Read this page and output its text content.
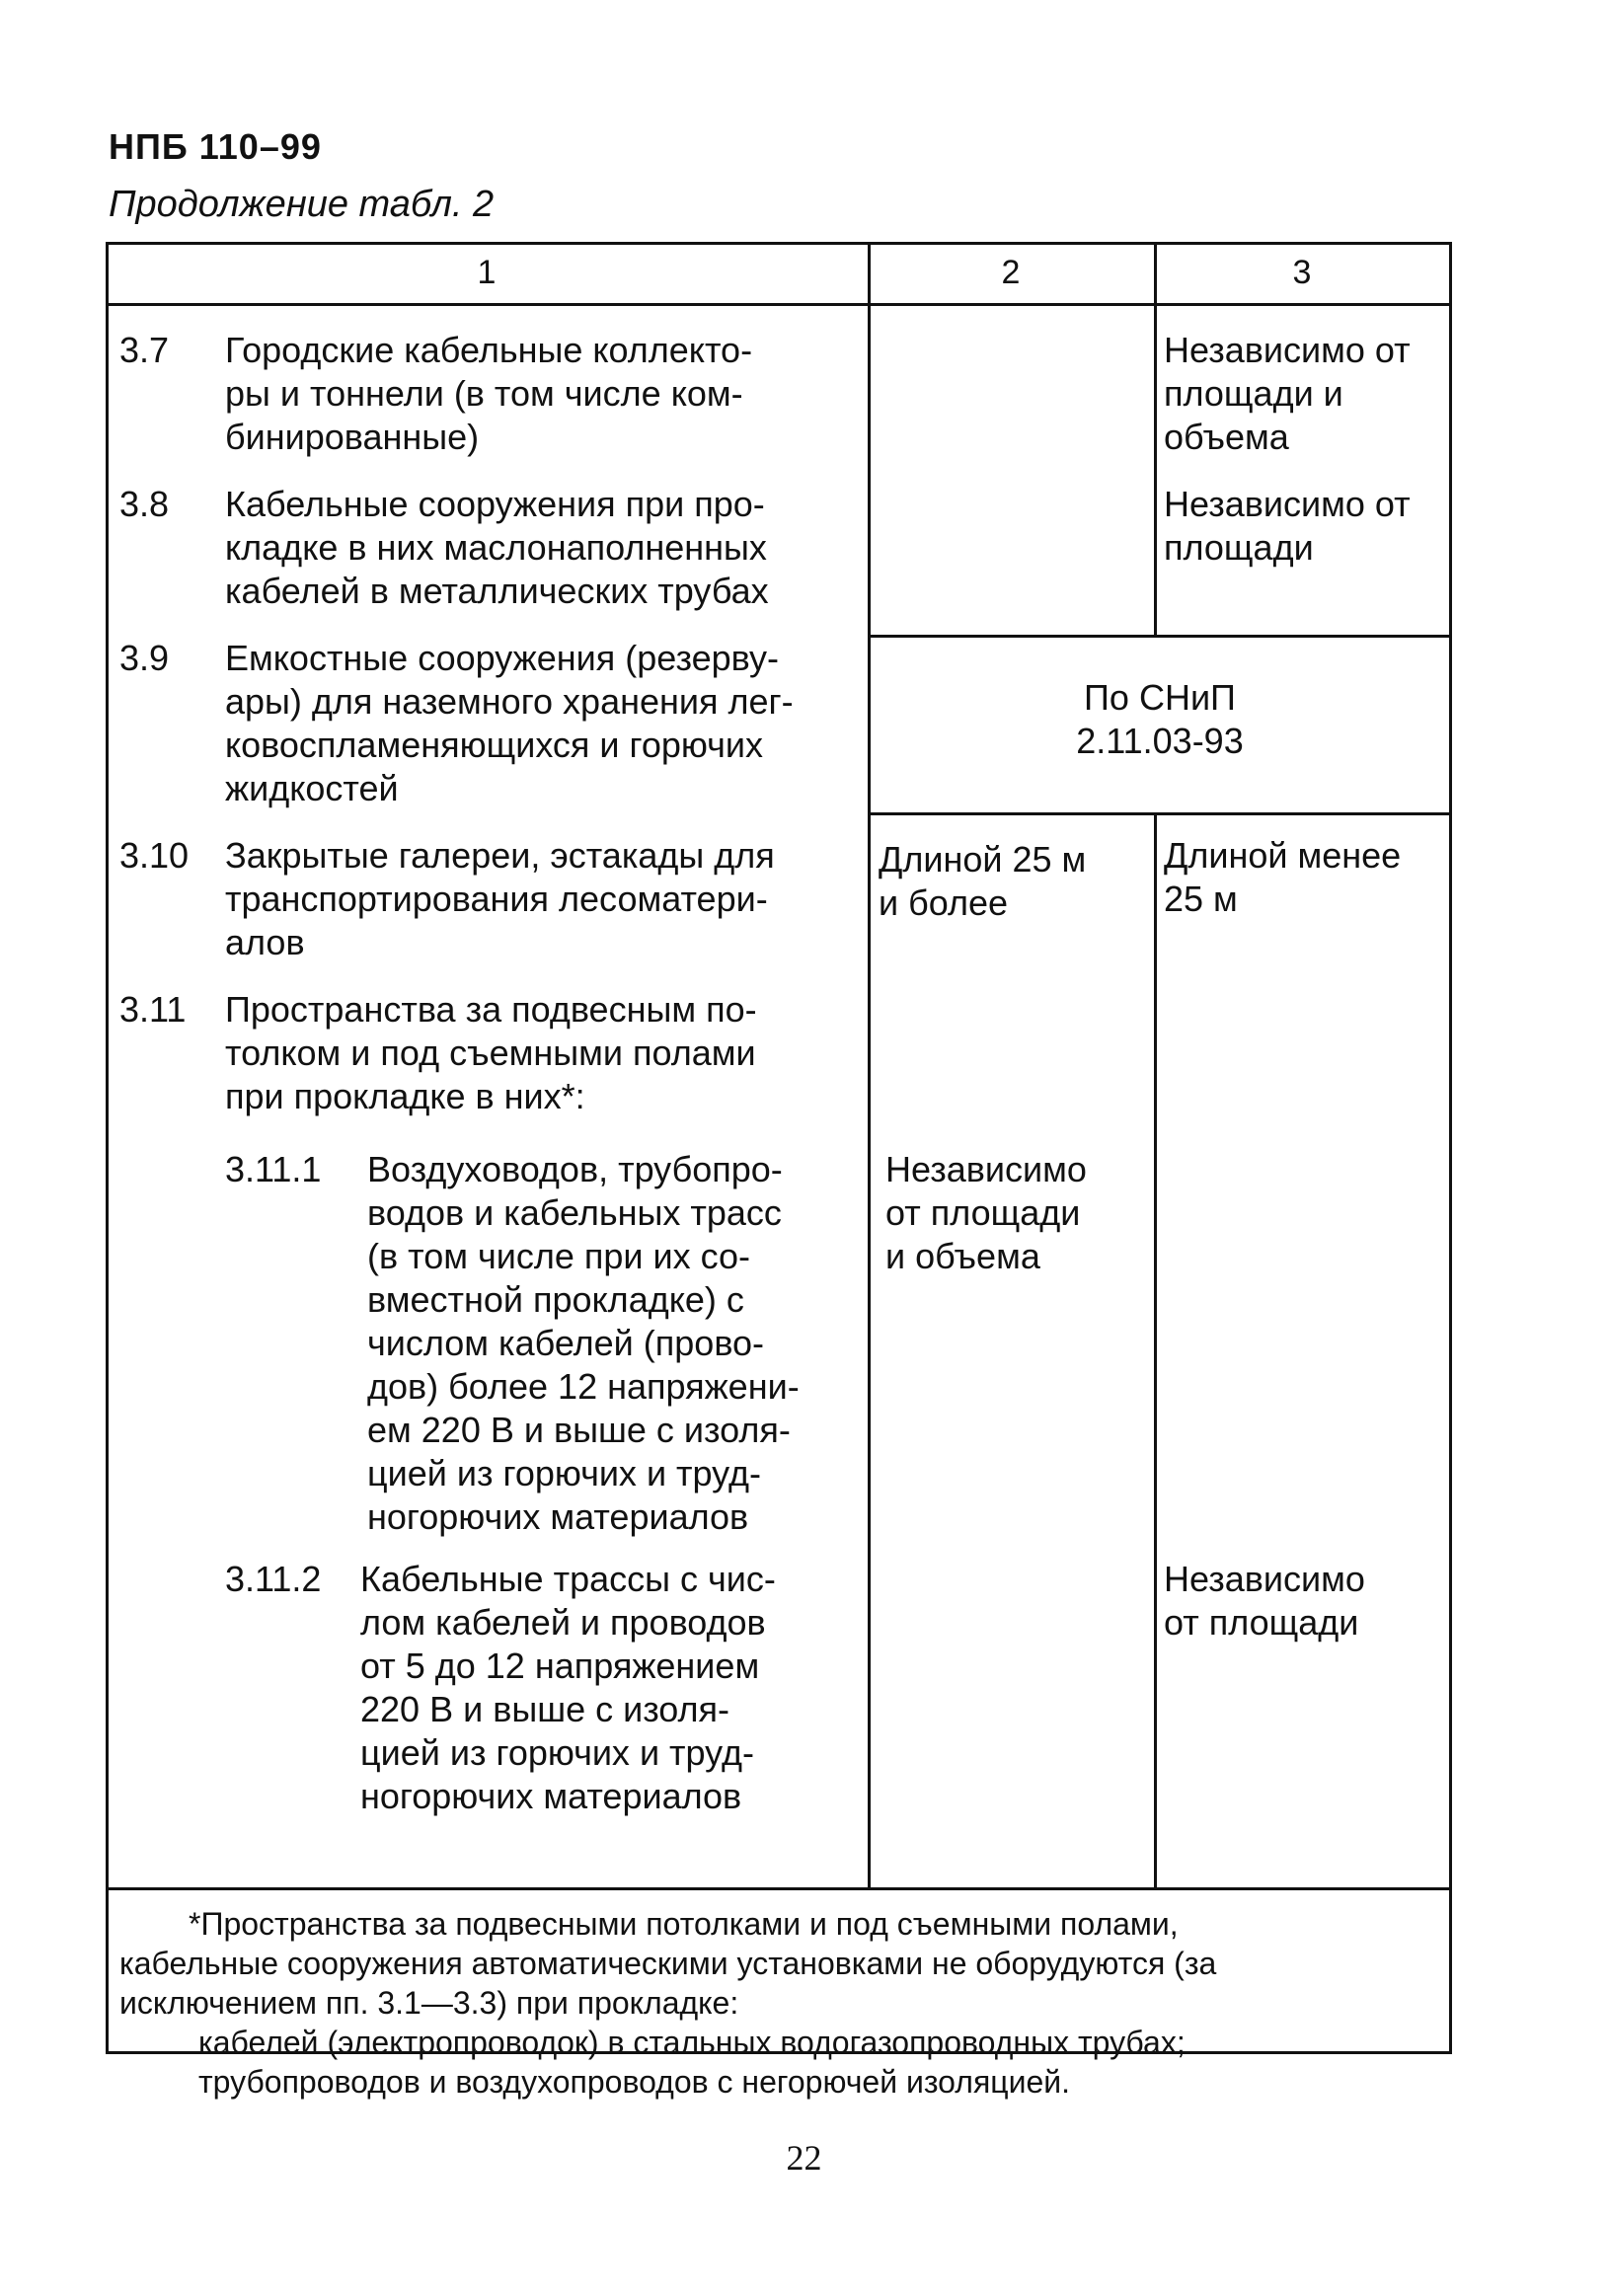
НПБ 110–99
Продолжение табл. 2
1	2	3
3.7 Городские кабельные коллекто-
ры и тоннели (в том числе ком-
бинированные)
Независимо от
площади и
объема
3.8 Кабельные сооружения при про-
кладке в них маслонаполненных
кабелей в металлических трубах
Независимо от
площади
3.9 Емкостные сооружения (резерву-
ары) для наземного хранения лег-
ковоспламеняющихся и горючих
жидкостей
По СНиП
2.11.03-93
3.10 Закрытые галереи, эстакады для
транспортирования лесоматери-
алов
Длиной 25 м
и более
Длиной менее
25 м
3.11 Пространства за подвесным по-
толком и под съемными полами
при прокладке в них*:
3.11.1 Воздуховодов, трубопро-
водов и кабельных трасс
(в том числе при их со-
вместной прокладке) с
числом кабелей (прово-
дов) более 12 напряжени-
ем 220 В и выше с изоля-
цией из горючих и труд-
ногорючих материалов
Независимо
от площади
и объема
3.11.2 Кабельные трассы с чис-
лом кабелей и проводов
от 5 до 12 напряжением
220 В и выше с изоля-
цией из горючих и труд-
ногорючих материалов
Независимо
от площади
*Пространства за подвесными потолками и под съемными полами,
кабельные сооружения автоматическими установками не оборудуются (за
исключением пп. 3.1—3.3) при прокладке:
кабелей (электропроводок) в стальных водогазопроводных трубах;
трубопроводов и воздухопроводов с негорючей изоляцией.
22
